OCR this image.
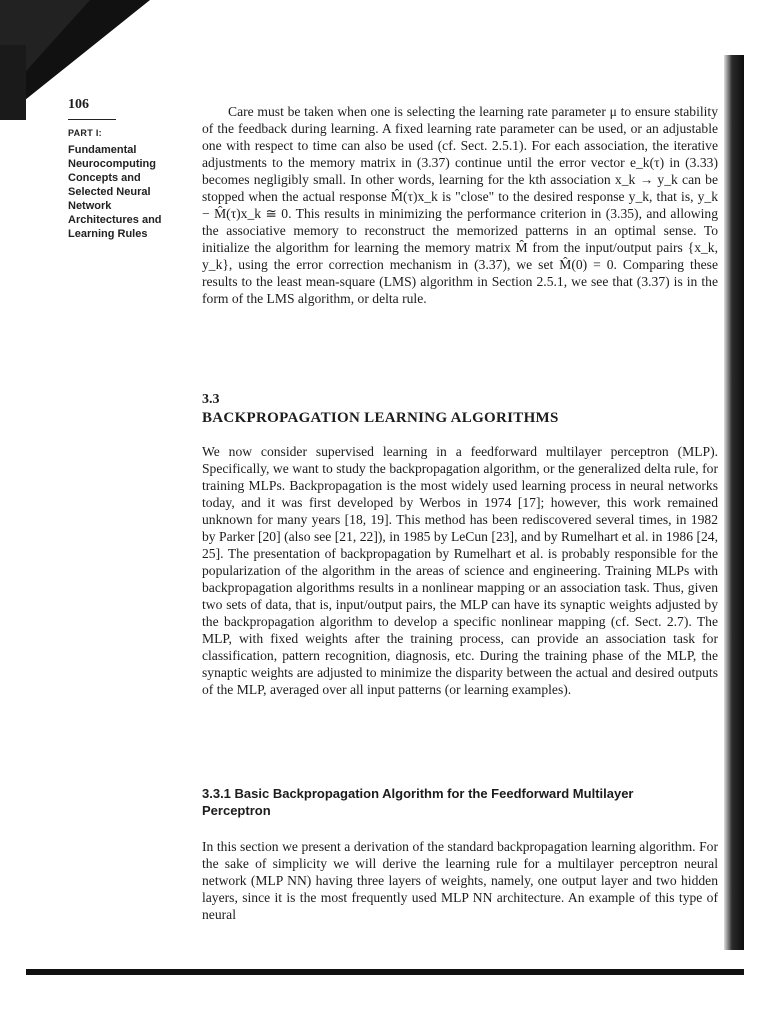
106
PART I:
Fundamental
Neurocomputing
Concepts and
Selected Neural
Network
Architectures and
Learning Rules

Care must be taken when one is selecting the learning rate parameter μ to ensure stability of the feedback during learning. A fixed learning rate parameter can be used, or an adjustable one with respect to time can also be used (cf. Sect. 2.5.1). For each association, the iterative adjustments to the memory matrix in (3.37) continue until the error vector e_k(τ) in (3.33) becomes negligibly small. In other words, learning for the kth association x_k → y_k can be stopped when the actual response M̂(τ)x_k is "close" to the desired response y_k, that is, y_k − M̂(τ)x_k ≅ 0. This results in minimizing the performance criterion in (3.35), and allowing the associative memory to reconstruct the memorized patterns in an optimal sense. To initialize the algorithm for learning the memory matrix M̂ from the input/output pairs {x_k, y_k}, using the error correction mechanism in (3.37), we set M̂(0) = 0. Comparing these results to the least mean-square (LMS) algorithm in Section 2.5.1, we see that (3.37) is in the form of the LMS algorithm, or delta rule.

3.3
BACKPROPAGATION LEARNING ALGORITHMS

We now consider supervised learning in a feedforward multilayer perceptron (MLP). Specifically, we want to study the backpropagation algorithm, or the generalized delta rule, for training MLPs. Backpropagation is the most widely used learning process in neural networks today, and it was first developed by Werbos in 1974 [17]; however, this work remained unknown for many years [18, 19]. This method has been rediscovered several times, in 1982 by Parker [20] (also see [21, 22]), in 1985 by LeCun [23], and by Rumelhart et al. in 1986 [24, 25]. The presentation of backpropagation by Rumelhart et al. is probably responsible for the popularization of the algorithm in the areas of science and engineering. Training MLPs with backpropagation algorithms results in a nonlinear mapping or an association task. Thus, given two sets of data, that is, input/output pairs, the MLP can have its synaptic weights adjusted by the backpropagation algorithm to develop a specific nonlinear mapping (cf. Sect. 2.7). The MLP, with fixed weights after the training process, can provide an association task for classification, pattern recognition, diagnosis, etc. During the training phase of the MLP, the synaptic weights are adjusted to minimize the disparity between the actual and desired outputs of the MLP, averaged over all input patterns (or learning examples).

3.3.1 Basic Backpropagation Algorithm for the Feedforward Multilayer Perceptron

In this section we present a derivation of the standard backpropagation learning algorithm. For the sake of simplicity we will derive the learning rule for a multilayer perceptron neural network (MLP NN) having three layers of weights, namely, one output layer and two hidden layers, since it is the most frequently used MLP NN architecture. An example of this type of neural
